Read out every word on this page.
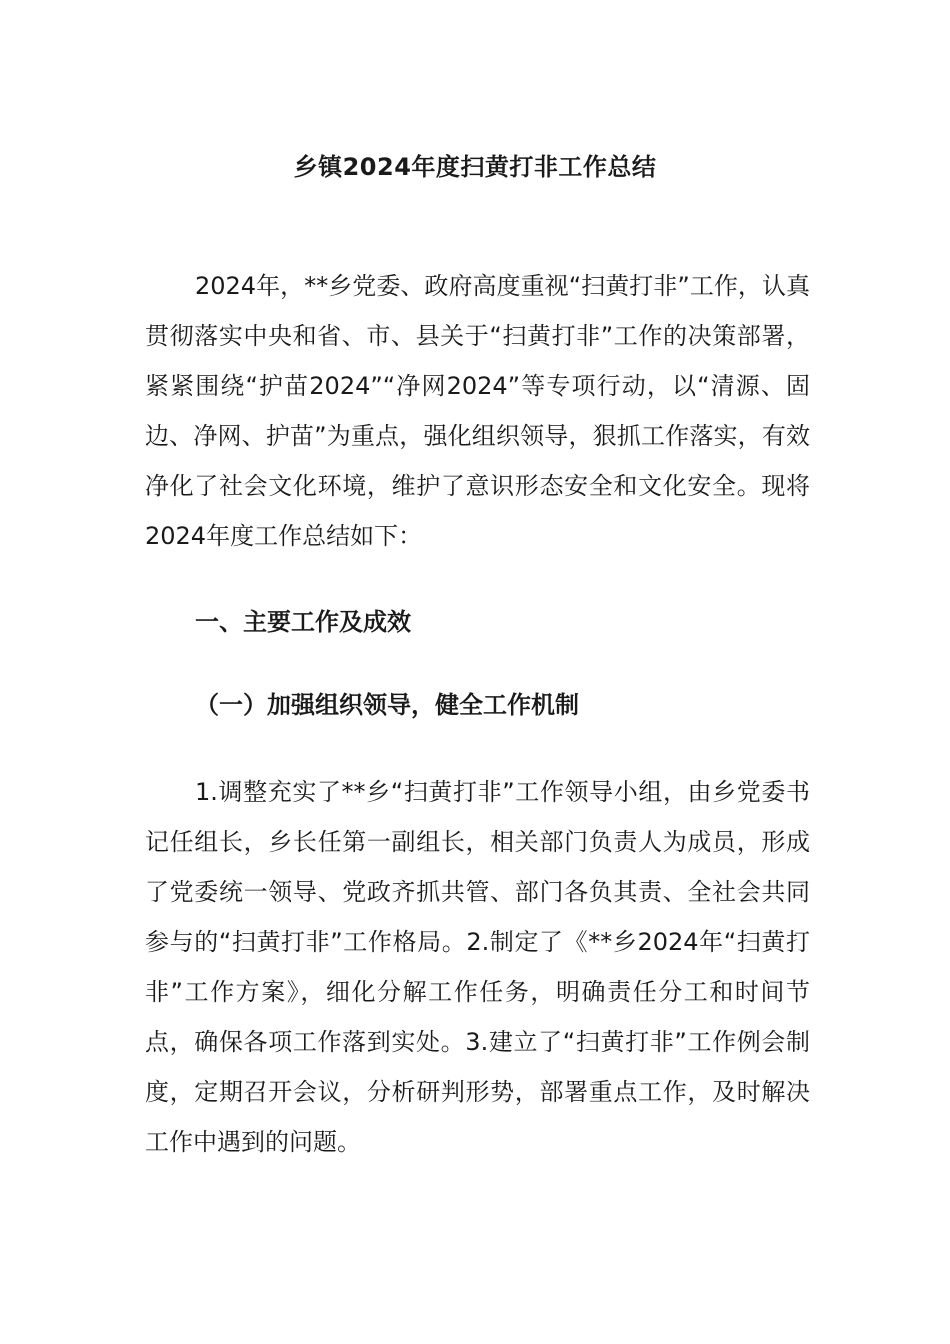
乡镇2024年度扫黄打非工作总结

2024年，**乡党委、政府高度重视“扫黄打非”工作，认真贯彻落实中央和省、市、县关于“扫黄打非”工作的决策部署，紧紧围绕“护苗2024”“净网2024”等专项行动，以“清源、固边、净网、护苗”为重点，强化组织领导，狠抓工作落实，有效净化了社会文化环境，维护了意识形态安全和文化安全。现将2024年度工作总结如下：

一、主要工作及成效
（一）加强组织领导，健全工作机制

1.调整充实了**乡“扫黄打非”工作领导小组，由乡党委书记任组长，乡长任第一副组长，相关部门负责人为成员，形成了党委统一领导、党政齐抓共管、部门各负其责、全社会共同参与的“扫黄打非”工作格局。2.制定了《**乡2024年“扫黄打非”工作方案》，细化分解工作任务，明确责任分工和时间节点，确保各项工作落到实处。3.建立了“扫黄打非”工作例会制度，定期召开会议，分析研判形势，部署重点工作，及时解决工作中遇到的问题。
